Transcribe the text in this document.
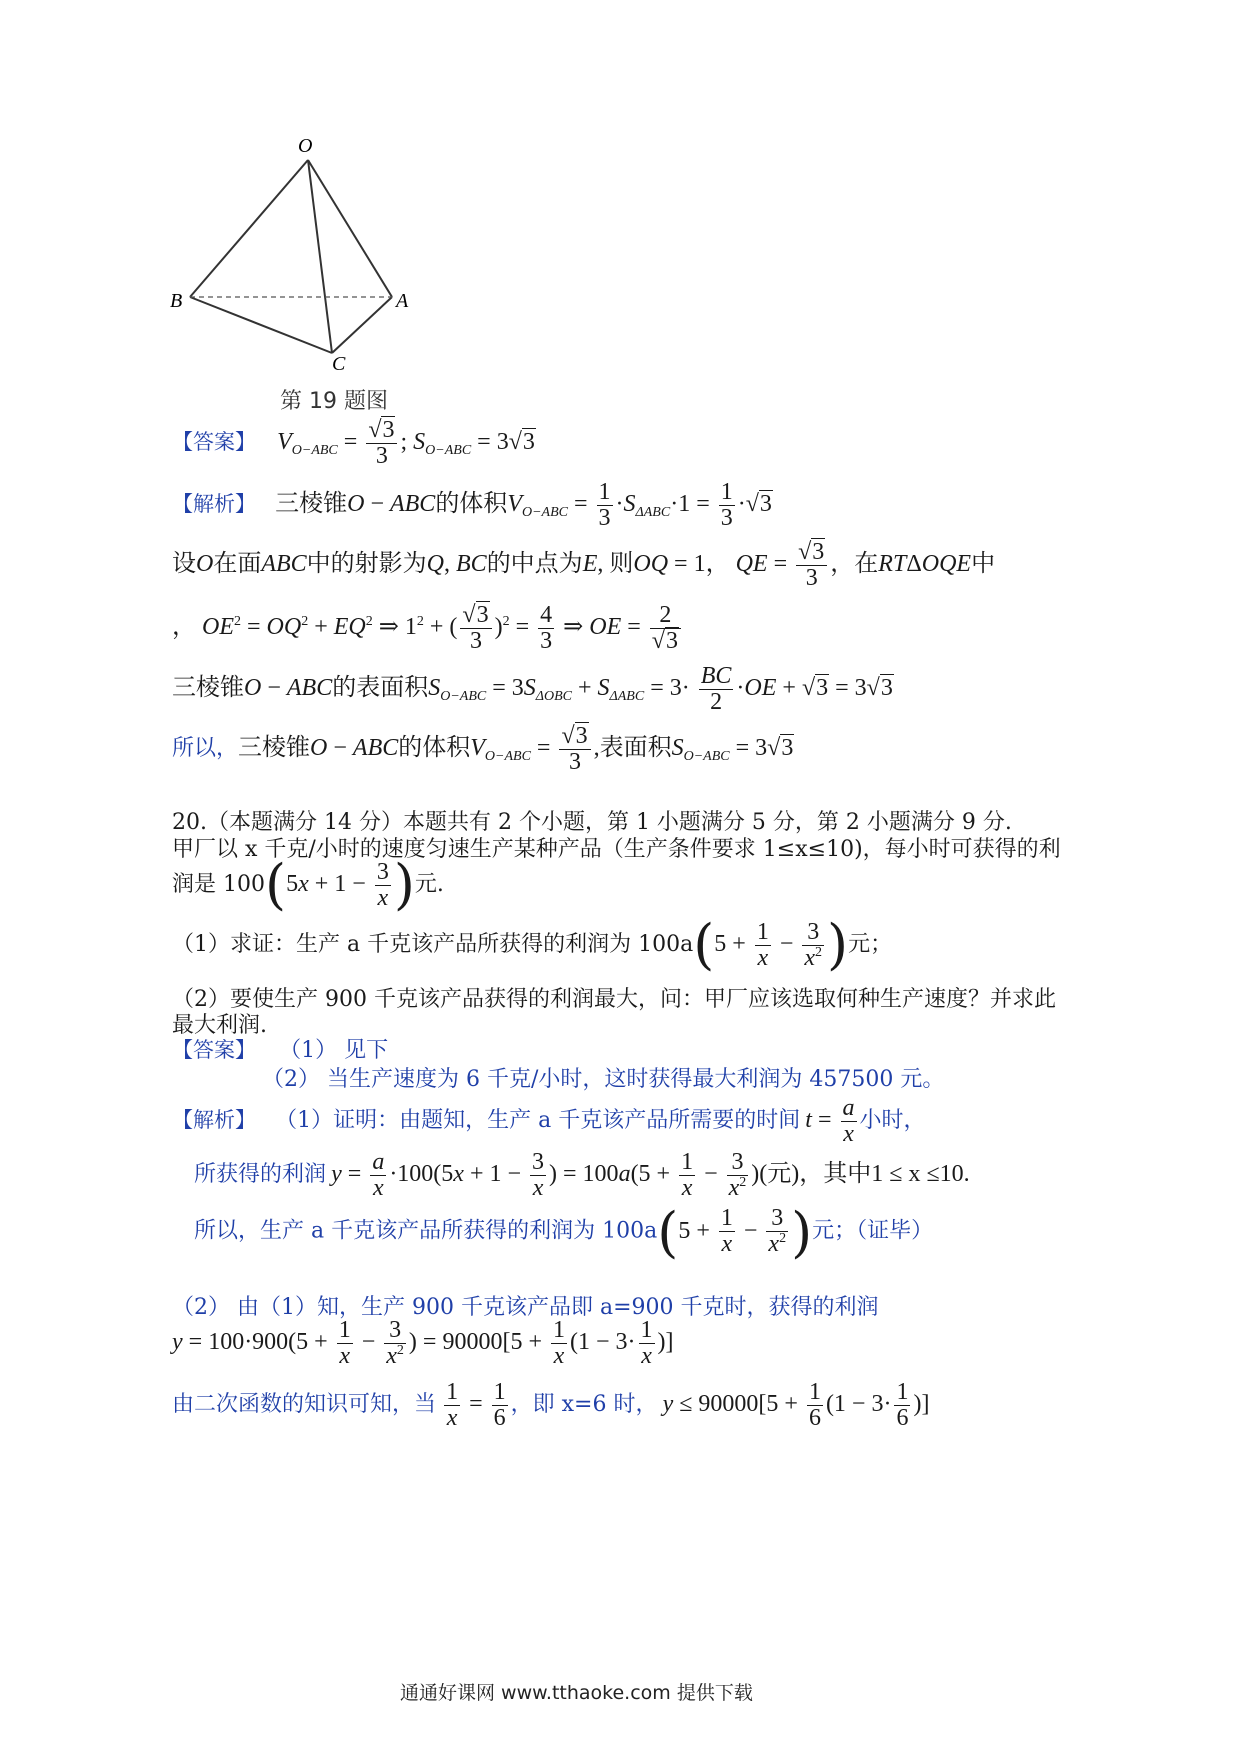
O
B	A
C
第 19 题图
【答案】 $V_{O-ABC} = \frac{√3}{3}$ ; $S_{O-ABC} = 3√3$
【解析】 三棱锥O − ABC的体积$V_{O-ABC} = \frac{1}{3} \cdot S_{\Delta ABC}\cdot 1 = \frac{1}{3} \cdot√3$
设O在面ABC中的射影为Q, BC的中点为E, 则OQ = 1， QE = $\frac{√3}{3}$ ，在RTΔOQE中
， $OE^2 = OQ^2 + EQ^2$ ⇒ $1^2$ + ( $\frac{√3}{3} )^2 = \frac{4}{3}$ ⇒ OE = $\frac{2}{√3}$
三棱锥O − ABC的表面积$S_{O-ABC} = 3S_{\Delta OBC} + S_{\Delta ABC} = 3\cdot \frac{BC}{2} \cdot OE + √3 = 3√3$
所以，三棱锥O − ABC的体积$V_{O-ABC} = \frac{√3}{3}$ ,表面积$S_{O-ABC} = 3√3$
20.（本题满分 14 分）本题共有 2 个小题，第 1 小题满分 5 分，第 2 小题满分 9 分.
甲厂以 x 千克/小时的速度匀速生产某种产品（生产条件要求 1≤x≤10)，每小时可获得的利
润是 $100(5x + 1 - \frac{3}{x}$ )元.
（1）求证：生产 a 千克该产品所获得的利润为 $100a(5 + \frac{1}{x} - \frac{3}{x^2}$ )元；
（2）要使生产 900 千克该产品获得的利润最大，问：甲厂应该选取何种生产速度？并求此
最大利润.
【答案】 （1） 见下
（2） 当生产速度为 6 千克/小时，这时获得最大利润为 457500 元。
【解析】 （1）证明：由题知，生产 a 千克该产品所需要的时间 $t = \frac{a}{x}$ 小时，
所获得的利润 $y = \frac{a}{x} \cdot 100(5x + 1 - \frac{3}{x}$ ) = $100a(5 + \frac{1}{x} - \frac{3}{x^2}$ )(元)，其中1 ≤ x ≤10.
所以，生产 a 千克该产品所获得的利润为 $100a(5 + \frac{1}{x} - \frac{3}{x^2}$ )元；（证毕）
（2） 由（1）知，生产 900 千克该产品即 a=900 千克时，获得的利润
$y = 100\cdot 900(5 + \frac{1}{x} - \frac{3}{x^2}$ ) = $90000[5 + \frac{1}{x} (1 - 3\cdot \frac{1}{x}$ )]
由二次函数的知识可知，当 $\frac{1}{x} = \frac{1}{6}$ ，即 x=6 时， $y \le 90000[5 + \frac{1}{6} (1 - 3\cdot \frac{1}{6}$ )]
通通好课网 www.tthaoke.com 提供下载
